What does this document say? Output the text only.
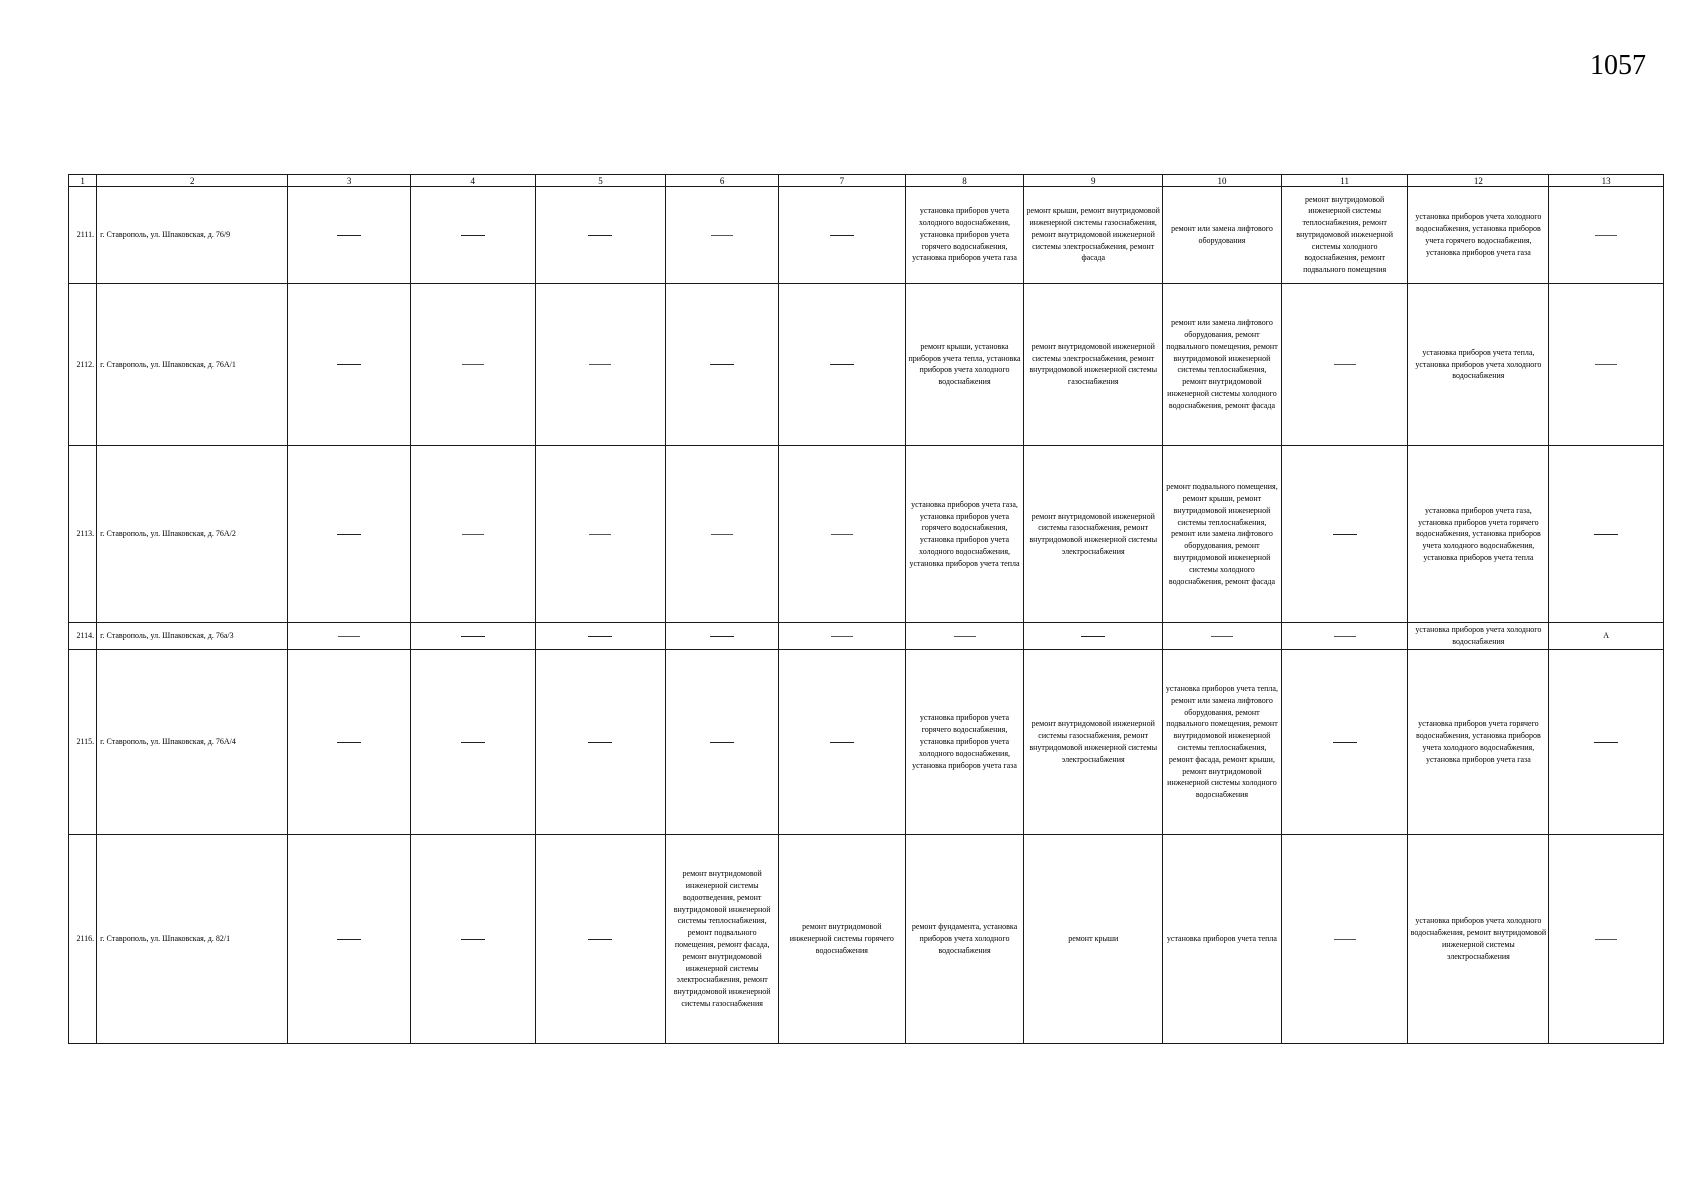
1057
1	2	3	4	5	6	7	8	9	10	11	12	13
2111.	г. Ставрополь, ул. Шпаковская, д. 76/9						установка приборов учета холодного водоснабжения, установка приборов учета горячего водоснабжения, установка приборов учета газа	ремонт крыши, ремонт внутридомовой инженерной системы газоснабжения, ремонт внутридомовой инженерной системы электроснабжения, ремонт фасада	ремонт или замена лифтового оборудования	ремонт внутридомовой инженерной системы теплоснабжения, ремонт внутридомовой инженерной системы холодного водоснабжения, ремонт подвального помещения	установка приборов учета холодного водоснабжения, установка приборов учета горячего водоснабжения, установка приборов учета газа	
2112.	г. Ставрополь, ул. Шпаковская, д. 76А/1						ремонт крыши, установка приборов учета тепла, установка приборов учета холодного водоснабжения	ремонт внутридомовой инженерной системы электроснабжения, ремонт внутридомовой инженерной системы газоснабжения	ремонт или замена лифтового оборудования, ремонт подвального помещения, ремонт внутридомовой инженерной системы теплоснабжения, ремонт внутридомовой инженерной системы холодного водоснабжения, ремонт фасада		установка приборов учета тепла, установка приборов учета холодного водоснабжения	
2113.	г. Ставрополь, ул. Шпаковская, д. 76А/2						установка приборов учета газа, установка приборов учета горячего водоснабжения, установка приборов учета холодного водоснабжения, установка приборов учета тепла	ремонт внутридомовой инженерной системы газоснабжения, ремонт внутридомовой инженерной системы электроснабжения	ремонт подвального помещения, ремонт крыши, ремонт внутридомовой инженерной системы теплоснабжения, ремонт или замена лифтового оборудования, ремонт внутридомовой инженерной системы холодного водоснабжения, ремонт фасада		установка приборов учета газа, установка приборов учета горячего водоснабжения, установка приборов учета холодного водоснабжения, установка приборов учета тепла	
2114.	г. Ставрополь, ул. Шпаковская, д. 76а/3										установка приборов учета холодного водоснабжения	А
2115.	г. Ставрополь, ул. Шпаковская, д. 76А/4						установка приборов учета горячего водоснабжения, установка приборов учета холодного водоснабжения, установка приборов учета газа	ремонт внутридомовой инженерной системы газоснабжения, ремонт внутридомовой инженерной системы электроснабжения	установка приборов учета тепла, ремонт или замена лифтового оборудования, ремонт подвального помещения, ремонт внутридомовой инженерной системы теплоснабжения, ремонт фасада, ремонт крыши, ремонт внутридомовой инженерной системы холодного водоснабжения		установка приборов учета горячего водоснабжения, установка приборов учета холодного водоснабжения, установка приборов учета газа	
2116.	г. Ставрополь, ул. Шпаковская, д. 82/1				ремонт внутридомовой инженерной системы водоотведения, ремонт внутридомовой инженерной системы теплоснабжения, ремонт подвального помещения, ремонт фасада, ремонт внутридомовой инженерной системы электроснабжения, ремонт внутридомовой инженерной системы газоснабжения	ремонт внутридомовой инженерной системы горячего водоснабжения	ремонт фундамента, установка приборов учета холодного водоснабжения	ремонт крыши	установка приборов учета тепла		установка приборов учета холодного водоснабжения, ремонт внутридомовой инженерной системы электроснабжения	
